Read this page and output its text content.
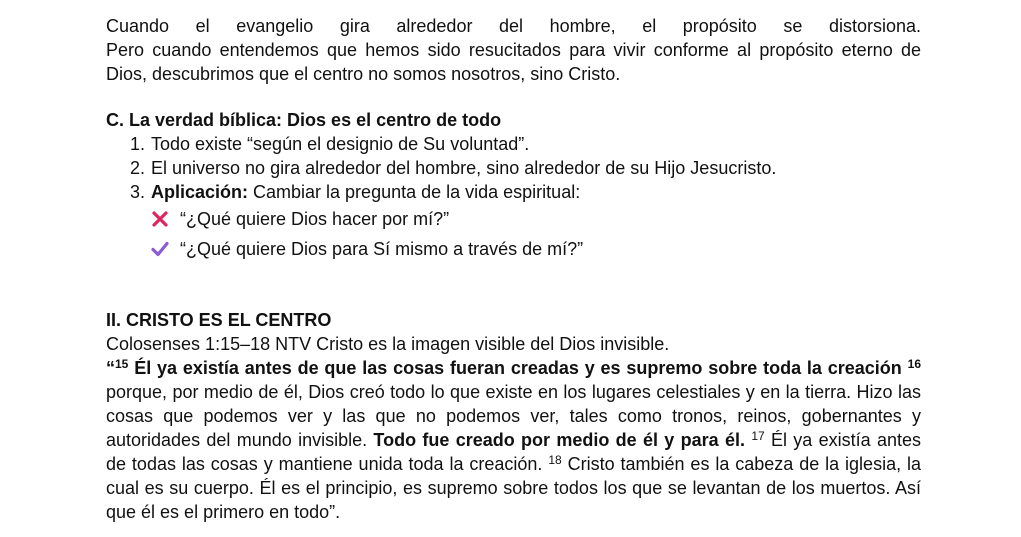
Cuando el evangelio gira alrededor del hombre, el propósito se distorsiona.

Pero cuando entendemos que hemos sido resucitados para vivir conforme al propósito eterno de Dios, descubrimos que el centro no somos nosotros, sino Cristo.

C. La verdad bíblica: Dios es el centro de todo

1. Todo existe “según el designio de Su voluntad”.
2. El universo no gira alrededor del hombre, sino alrededor de su Hijo Jesucristo.
3. Aplicación: Cambiar la pregunta de la vida espiritual:
“¿Qué quiere Dios hacer por mí?”
“¿Qué quiere Dios para Sí mismo a través de mí?”

II. CRISTO ES EL CENTRO

Colosenses 1:15–18 NTV Cristo es la imagen visible del Dios invisible.

“$^{15}$ Él ya existía antes de que las cosas fueran creadas y es supremo sobre toda la creación $^{16}$ porque, por medio de él, Dios creó todo lo que existe en los lugares celestiales y en la tierra. Hizo las cosas que podemos ver y las que no podemos ver, tales como tronos, reinos, gobernantes y autoridades del mundo invisible. Todo fue creado por medio de él y para él. $^{17}$ Él ya existía antes de todas las cosas y mantiene unida toda la creación. $^{18}$ Cristo también es la cabeza de la iglesia, la cual es su cuerpo. Él es el principio, es supremo sobre todos los que se levantan de los muertos. Así que él es el primero en todo”.
